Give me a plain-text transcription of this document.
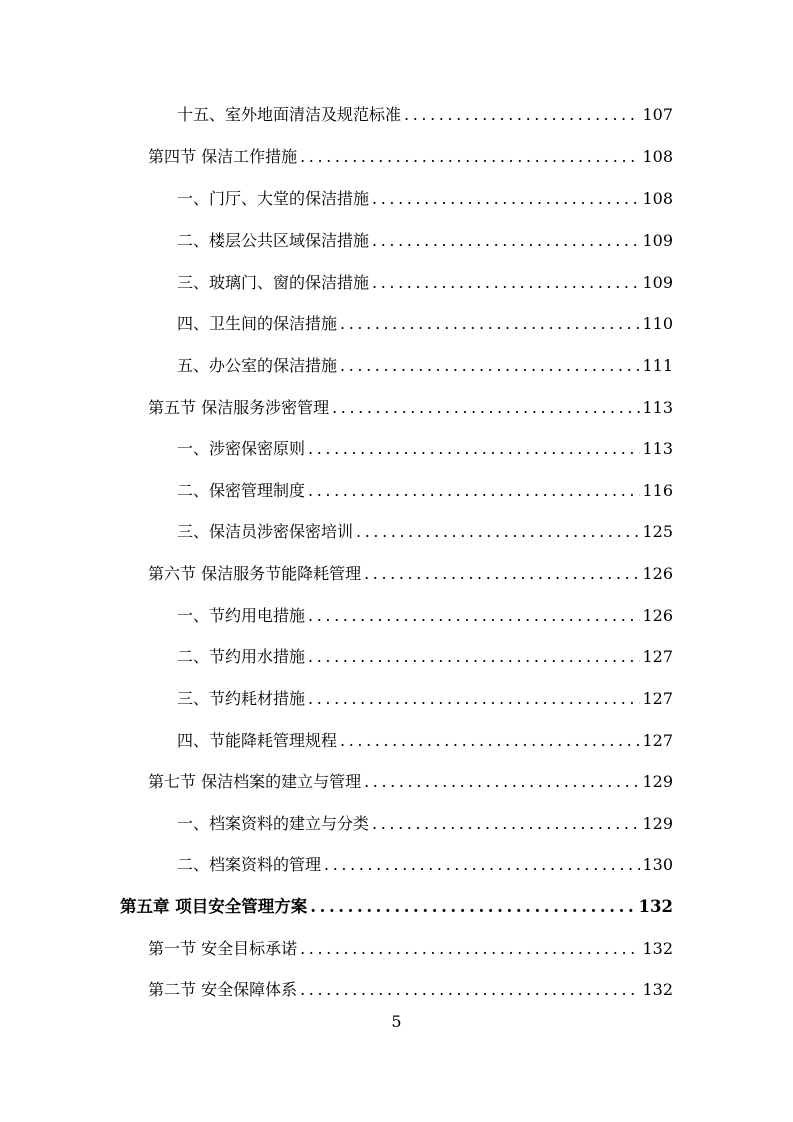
十五、室外地面清洁及规范标准 .....	107
第四节 保洁工作措施 .....	108
一、门厅、大堂的保洁措施 .....	108
二、楼层公共区域保洁措施 .....	109
三、玻璃门、窗的保洁措施 .....	109
四、卫生间的保洁措施 .....	110
五、办公室的保洁措施 .....	111
第五节 保洁服务涉密管理 .....	113
一、涉密保密原则 .....	113
二、保密管理制度 .....	116
三、保洁员涉密保密培训 .....	125
第六节 保洁服务节能降耗管理 .....	126
一、节约用电措施 .....	126
二、节约用水措施 .....	127
三、节约耗材措施 .....	127
四、节能降耗管理规程 .....	127
第七节 保洁档案的建立与管理 .....	129
一、档案资料的建立与分类 .....	129
二、档案资料的管理 .....	130
第五章 项目安全管理方案 .....	132
第一节 安全目标承诺 .....	132
第二节 安全保障体系 .....	132
5
